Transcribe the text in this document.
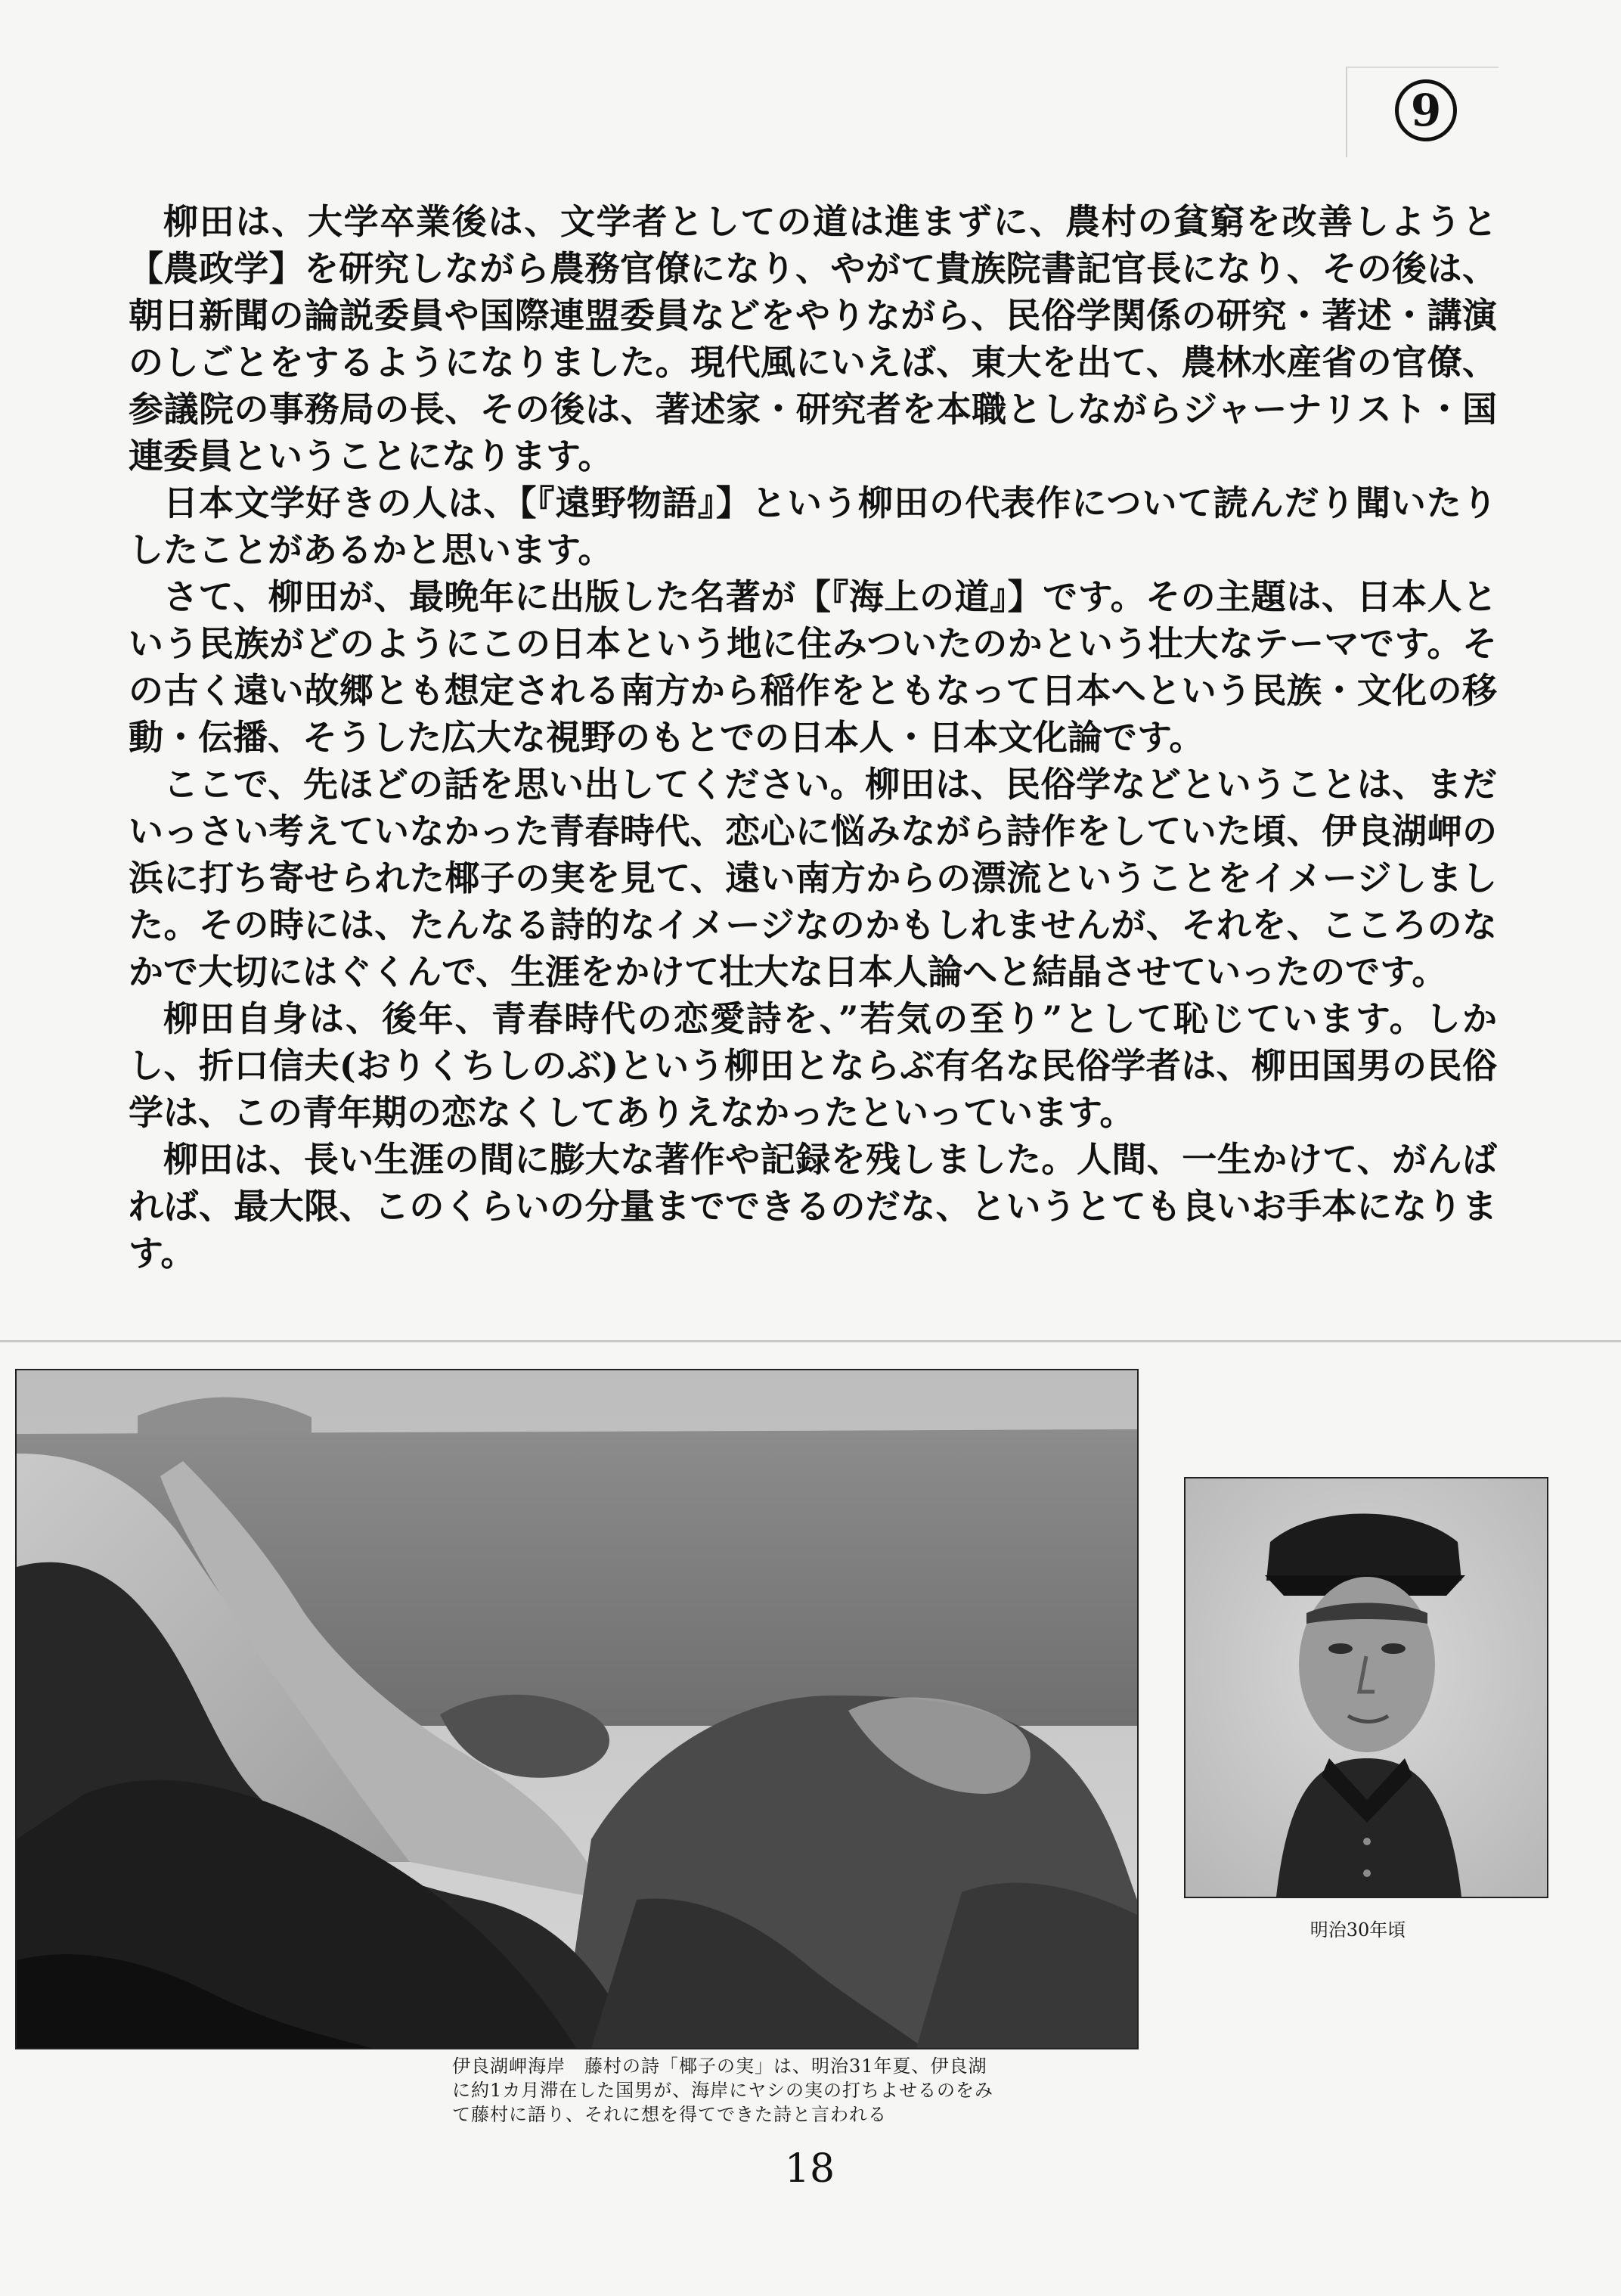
9

柳田は、大学卒業後は、文学者としての道は進まずに、農村の貧窮を改善しようと【農政学】を研究しながら農務官僚になり、やがて貴族院書記官長になり、その後は、朝日新聞の論説委員や国際連盟委員などをやりながら、民俗学関係の研究・著述・講演のしごとをするようになりました。現代風にいえば、東大を出て、農林水産省の官僚、参議院の事務局の長、その後は、著述家・研究者を本職としながらジャーナリスト・国連委員ということになります。

日本文学好きの人は、【『遠野物語』】という柳田の代表作について読んだり聞いたりしたことがあるかと思います。

さて、柳田が、最晩年に出版した名著が【『海上の道』】です。その主題は、日本人という民族がどのようにこの日本という地に住みついたのかという壮大なテーマです。その古く遠い故郷とも想定される南方から稲作をともなって日本へという民族・文化の移動・伝播、そうした広大な視野のもとでの日本人・日本文化論です。

ここで、先ほどの話を思い出してください。柳田は、民俗学などということは、まだいっさい考えていなかった青春時代、恋心に悩みながら詩作をしていた頃、伊良湖岬の浜に打ち寄せられた椰子の実を見て、遠い南方からの漂流ということをイメージしました。その時には、たんなる詩的なイメージなのかもしれませんが、それを、こころのなかで大切にはぐくんで、生涯をかけて壮大な日本人論へと結晶させていったのです。

柳田自身は、後年、青春時代の恋愛詩を、”若気の至り”として恥じています。しかし、折口信夫(おりくちしのぶ)という柳田とならぶ有名な民俗学者は、柳田国男の民俗学は、この青年期の恋なくしてありえなかったといっています。

柳田は、長い生涯の間に膨大な著作や記録を残しました。人間、一生かけて、がんばれば、最大限、このくらいの分量までできるのだな、というとても良いお手本になります。

明治30年頃
伊良湖岬海岸　藤村の詩「椰子の実」は、明治31年夏、伊良湖に約1カ月滞在した国男が、海岸にヤシの実の打ちよせるのをみて藤村に語り、それに想を得てできた詩と言われる
18
